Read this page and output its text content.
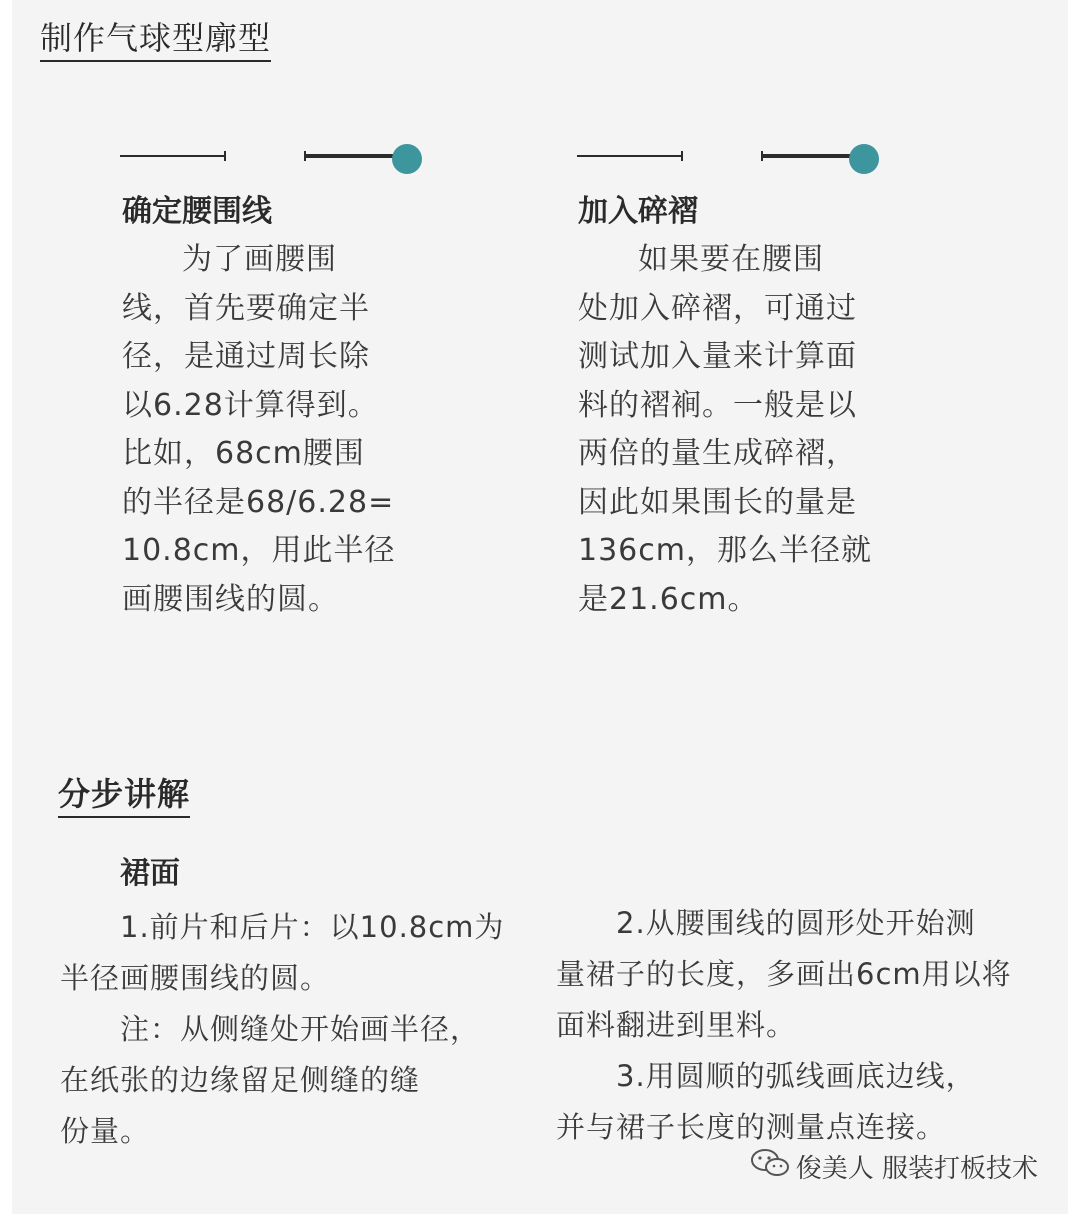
制作气球型廓型
确定腰围线
为了画腰围
线，首先要确定半
径，是通过周长除
以6.28计算得到。
比如，68cm腰围
的半径是68/6.28=
10.8cm，用此半径
画腰围线的圆。
加入碎褶
如果要在腰围
处加入碎褶，可通过
测试加入量来计算面
料的褶裥。一般是以
两倍的量生成碎褶，
因此如果围长的量是
136cm，那么半径就
是21.6cm。
分步讲解
裙面
1.前片和后片：以10.8cm为
半径画腰围线的圆。
注：从侧缝处开始画半径，
在纸张的边缘留足侧缝的缝
份量。
2.从腰围线的圆形处开始测
量裙子的长度，多画出6cm用以将
面料翻进到里料。
3.用圆顺的弧线画底边线，
并与裙子长度的测量点连接。
俊美人 服装打板技术
